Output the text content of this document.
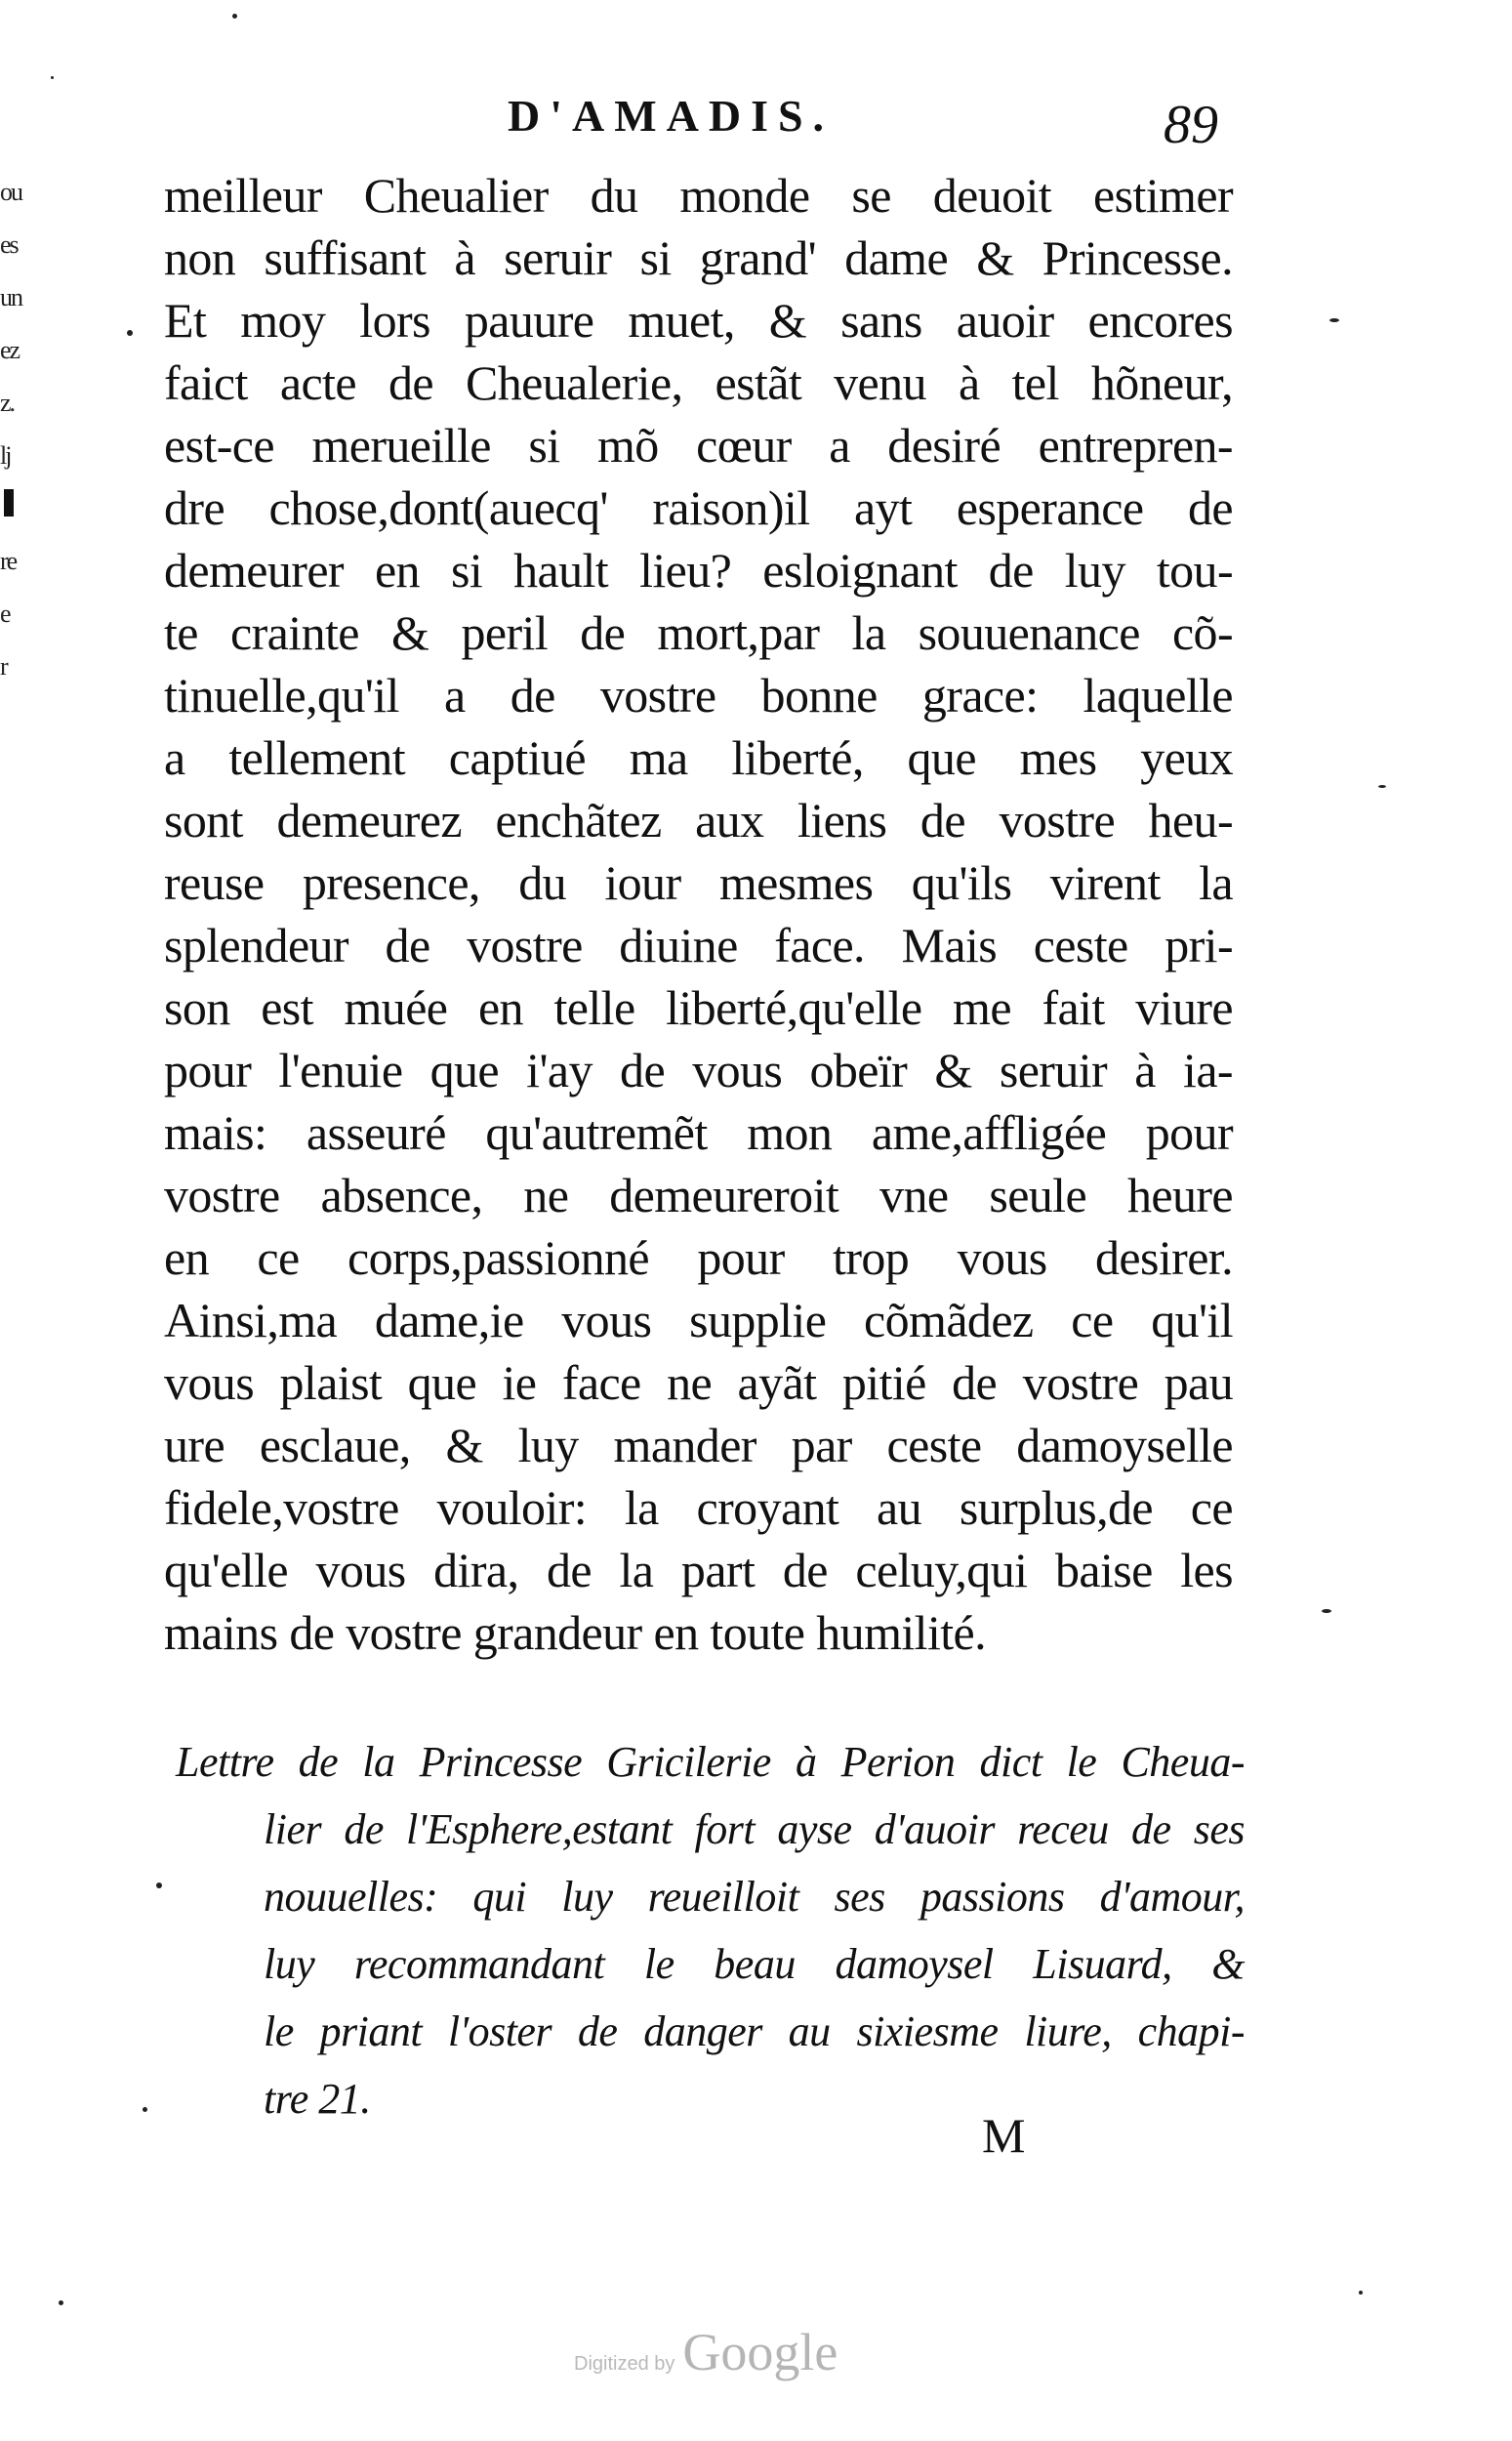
ou
es
un
ez
z.
lj
re
e
r
D'AMADIS.	89
meilleur Cheualier du monde se deuoit estimer
non suffisant à seruir si grand' dame & Princesse.
Et moy lors pauure muet, & sans auoir encores
faict acte de Cheualerie, estãt venu à tel hõneur,
est-ce merueille si mõ cœur a desiré entrepren-
dre chose,dont(auecq' raison)il ayt esperance de
demeurer en si hault lieu? esloignant de luy tou-
te crainte & peril de mort,par la souuenance cõ-
tinuelle,qu'il a de vostre bonne grace: laquelle
a tellement captiué ma liberté, que mes yeux
sont demeurez enchãtez aux liens de vostre heu-
reuse presence, du iour mesmes qu'ils virent la
splendeur de vostre diuine face. Mais ceste pri-
son est muée en telle liberté,qu'elle me fait viure
pour l'enuie que i'ay de vous obeïr & seruir à ia-
mais: asseuré qu'autremẽt mon ame,affligée pour
vostre absence, ne demeureroit vne seule heure
en ce corps,passionné pour trop vous desirer.
Ainsi,ma dame,ie vous supplie cõmãdez ce qu'il
vous plaist que ie face ne ayãt pitié de vostre pau
ure esclaue, & luy mander par ceste damoyselle
fidele,vostre vouloir: la croyant au surplus,de ce
qu'elle vous dira, de la part de celuy,qui baise les
mains de vostre grandeur en toute humilité.
Lettre de la Princesse Gricilerie à Perion dict le Cheua-
lier de l'Esphere,estant fort ayse d'auoir receu de ses
nouuelles: qui luy reueilloit ses passions d'amour,
luy recommandant le beau damoysel Lisuard, &
le priant l'oster de danger au sixiesme liure, chapi-
tre 21.
M
Digitized by Google
